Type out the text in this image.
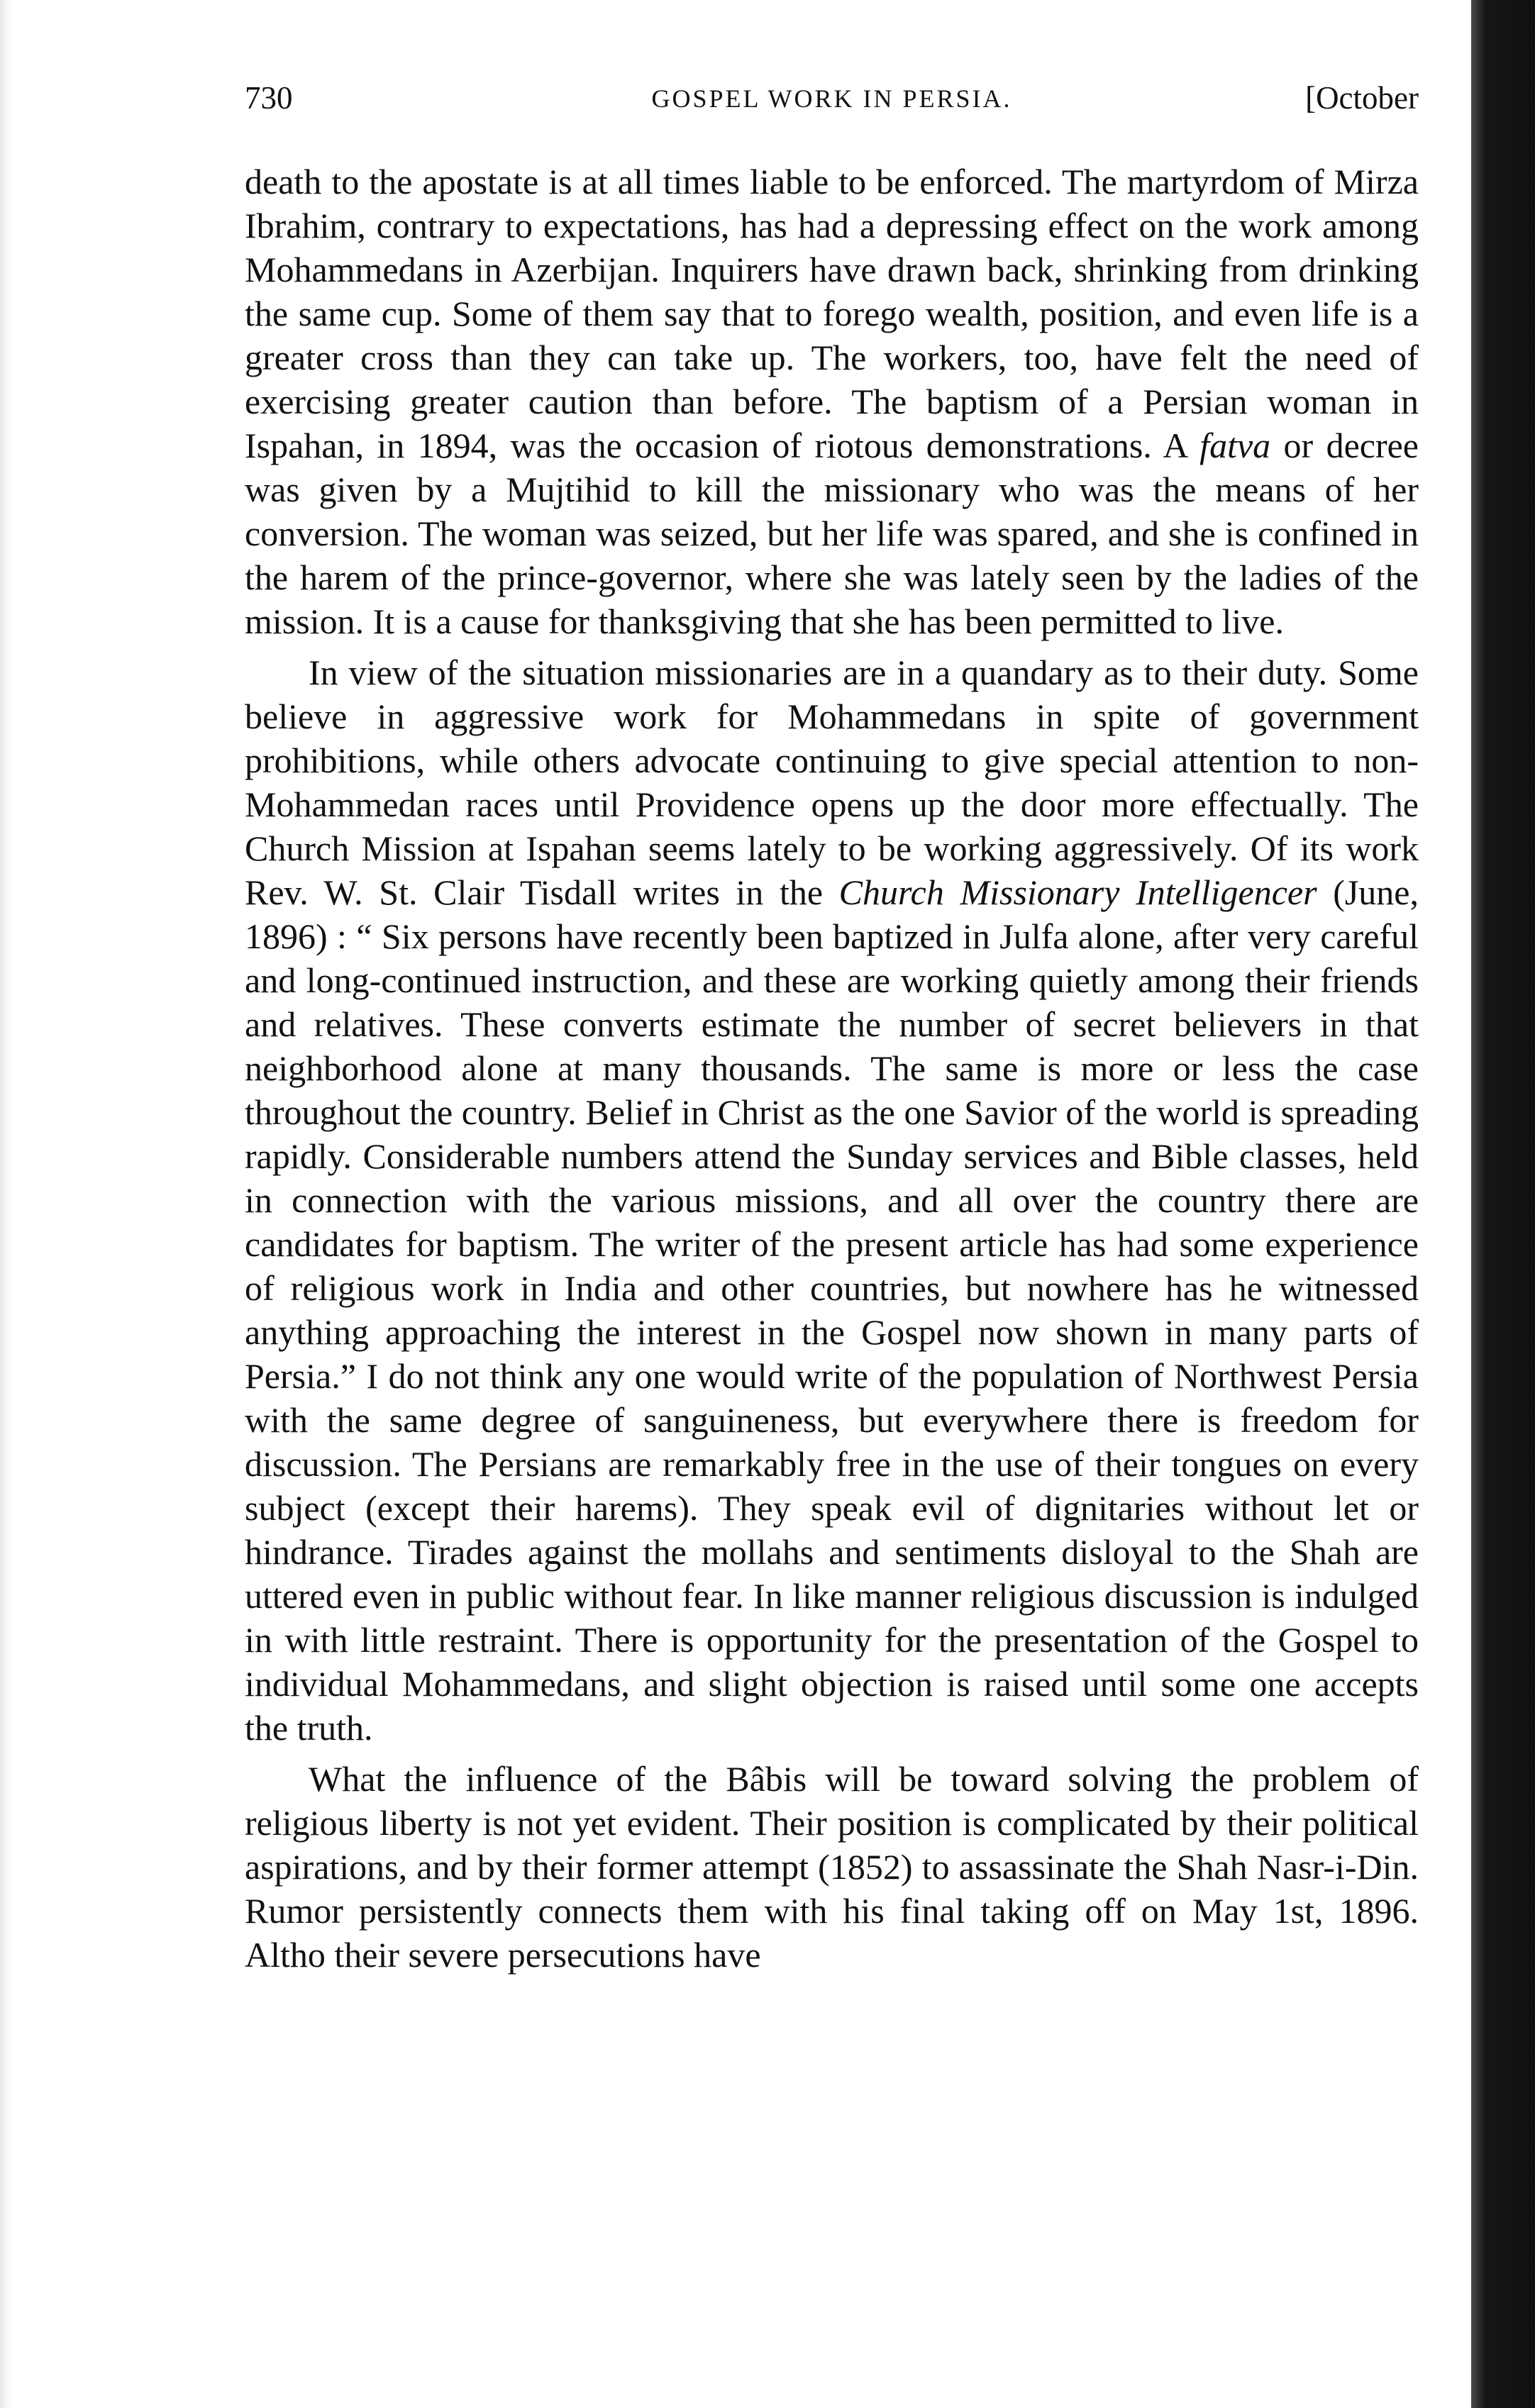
730	GOSPEL WORK IN PERSIA.	[October

death to the apostate is at all times liable to be enforced. The martyrdom of Mirza Ibrahim, contrary to expectations, has had a depressing effect on the work among Mohammedans in Azerbijan. Inquirers have drawn back, shrinking from drinking the same cup. Some of them say that to forego wealth, position, and even life is a greater cross than they can take up. The workers, too, have felt the need of exercising greater caution than before. The baptism of a Persian woman in Ispahan, in 1894, was the occasion of riotous demonstrations. A fatva or decree was given by a Mujtihid to kill the missionary who was the means of her conversion. The woman was seized, but her life was spared, and she is confined in the harem of the prince-governor, where she was lately seen by the ladies of the mission. It is a cause for thanksgiving that she has been permitted to live.

In view of the situation missionaries are in a quandary as to their duty. Some believe in aggressive work for Mohammedans in spite of government prohibitions, while others advocate continuing to give special attention to non-Mohammedan races until Providence opens up the door more effectually. The Church Mission at Ispahan seems lately to be working aggressively. Of its work Rev. W. St. Clair Tisdall writes in the Church Missionary Intelligencer (June, 1896) : “ Six persons have recently been baptized in Julfa alone, after very careful and long-continued instruction, and these are working quietly among their friends and relatives. These converts estimate the number of secret believers in that neighborhood alone at many thousands. The same is more or less the case throughout the country. Belief in Christ as the one Savior of the world is spreading rapidly. Considerable numbers attend the Sunday services and Bible classes, held in connection with the various missions, and all over the country there are candidates for baptism. The writer of the present article has had some experience of religious work in India and other countries, but nowhere has he witnessed anything approaching the interest in the Gospel now shown in many parts of Persia.” I do not think any one would write of the population of Northwest Persia with the same degree of sanguineness, but everywhere there is freedom for discussion. The Persians are remarkably free in the use of their tongues on every subject (except their harems). They speak evil of dignitaries without let or hindrance. Tirades against the mollahs and sentiments disloyal to the Shah are uttered even in public without fear. In like manner religious discussion is indulged in with little restraint. There is opportunity for the presentation of the Gospel to individual Mohammedans, and slight objection is raised until some one accepts the truth.

What the influence of the Bâbis will be toward solving the problem of religious liberty is not yet evident. Their position is complicated by their political aspirations, and by their former attempt (1852) to assassinate the Shah Nasr-i-Din. Rumor persistently connects them with his final taking off on May 1st, 1896. Altho their severe persecutions have
